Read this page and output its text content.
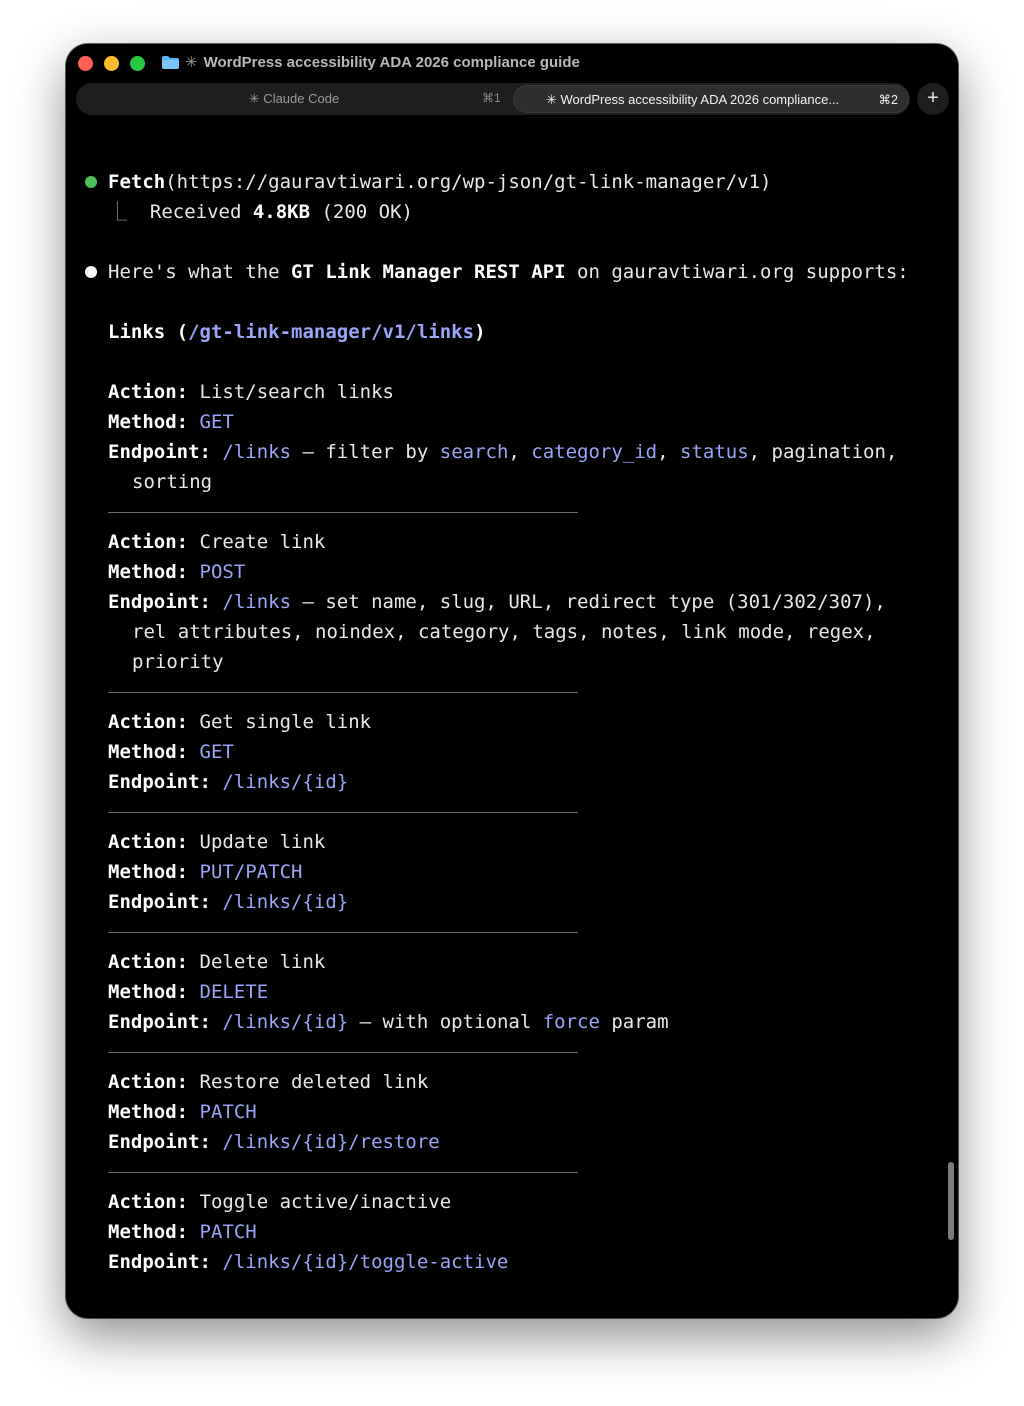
✳ WordPress accessibility ADA 2026 compliance guide
✳ Claude Code	⌘1	✳ WordPress accessibility ADA 2026 compliance...	⌘2	+
Fetch(https://gauravtiwari.org/wp-json/gt-link-manager/v1)
⎿  Received 4.8KB (200 OK)
Here's what the GT Link Manager REST API on gauravtiwari.org supports:
Links (/gt-link-manager/v1/links)
Action: List/search links
Method: GET
Endpoint: /links — filter by search, category_id, status, pagination,
sorting
Action: Create link
Method: POST
Endpoint: /links — set name, slug, URL, redirect type (301/302/307),
rel attributes, noindex, category, tags, notes, link mode, regex,
priority
Action: Get single link
Method: GET
Endpoint: /links/{id}
Action: Update link
Method: PUT/PATCH
Endpoint: /links/{id}
Action: Delete link
Method: DELETE
Endpoint: /links/{id} — with optional force param
Action: Restore deleted link
Method: PATCH
Endpoint: /links/{id}/restore
Action: Toggle active/inactive
Method: PATCH
Endpoint: /links/{id}/toggle-active
